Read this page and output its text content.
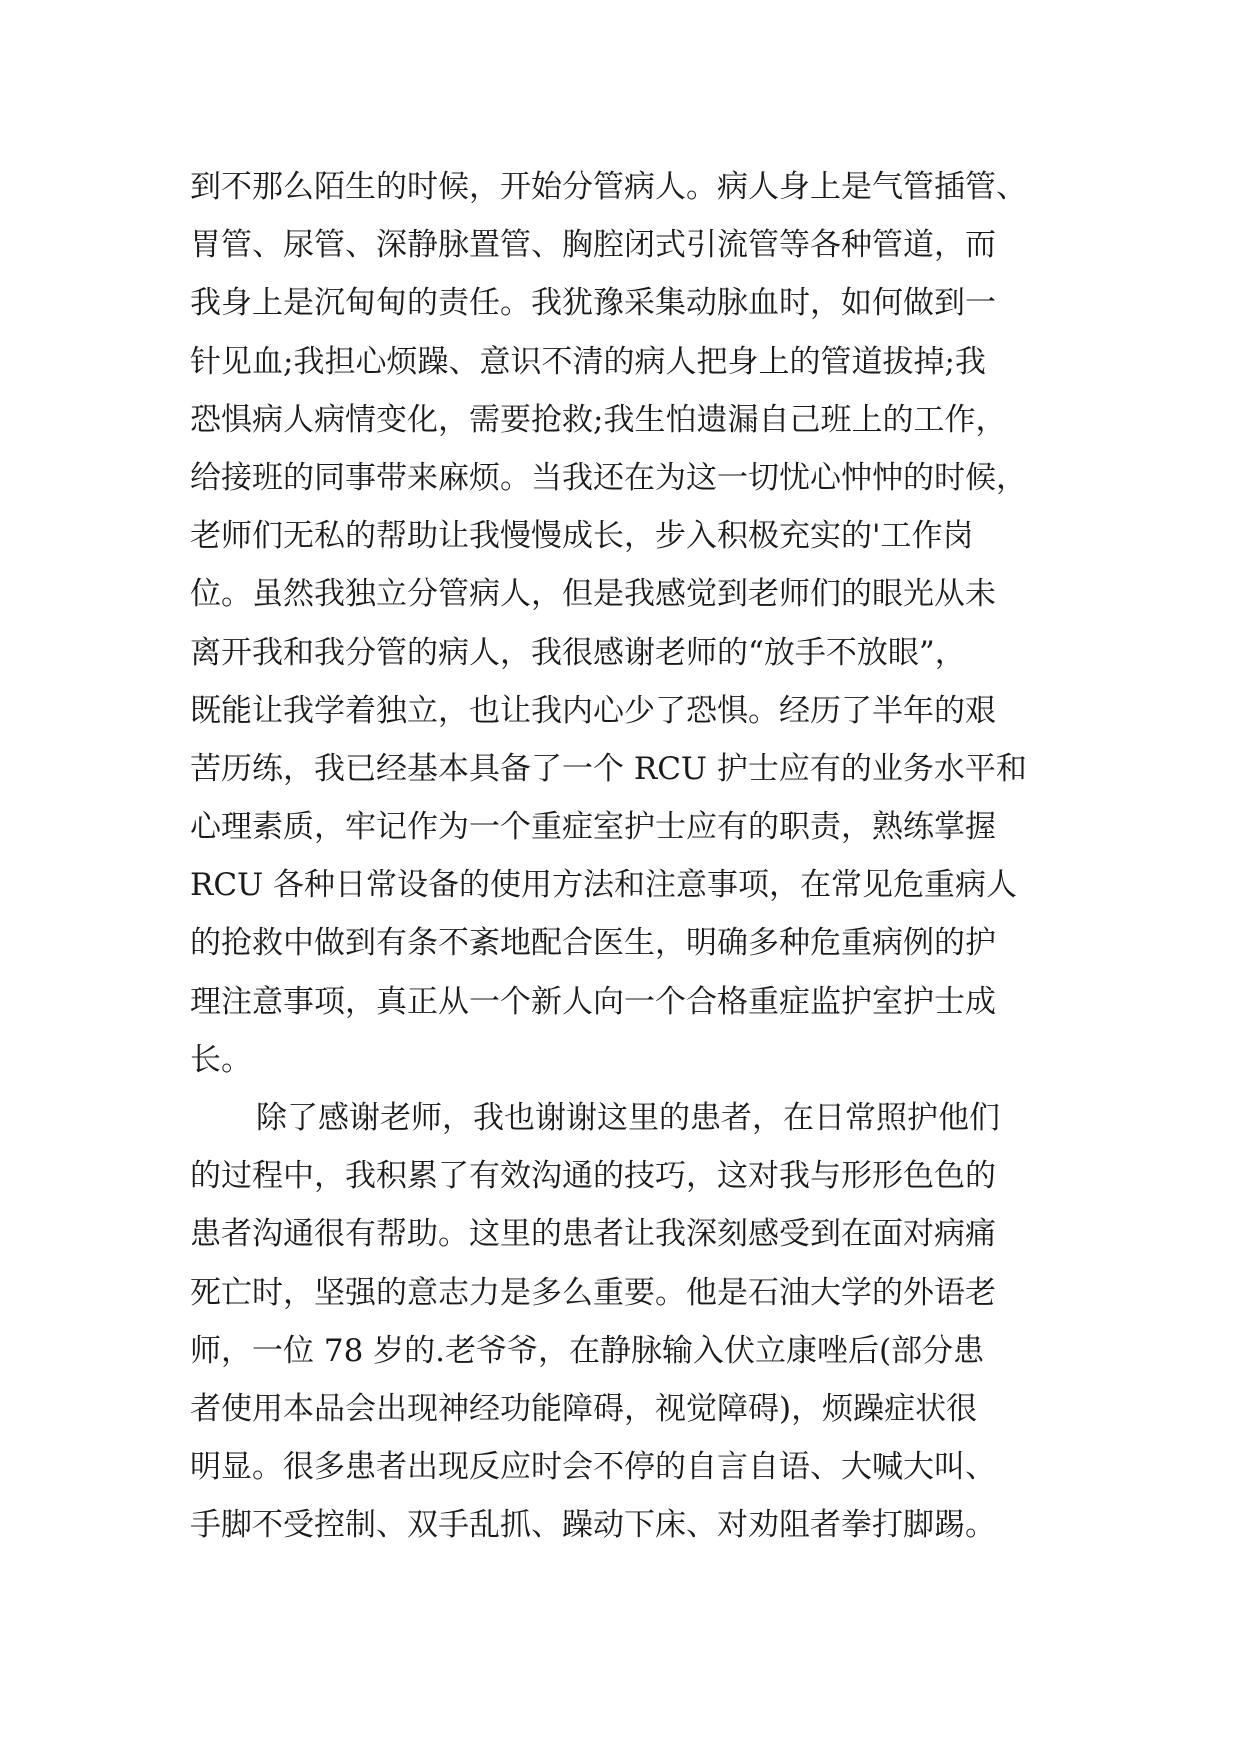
到不那么陌生的时候，开始分管病人。病人身上是气管插管、
胃管、尿管、深静脉置管、胸腔闭式引流管等各种管道，而
我身上是沉甸甸的责任。我犹豫采集动脉血时，如何做到一
针见血;我担心烦躁、意识不清的病人把身上的管道拔掉;我
恐惧病人病情变化，需要抢救;我生怕遗漏自己班上的工作，
给接班的同事带来麻烦。当我还在为这一切忧心忡忡的时候，
老师们无私的帮助让我慢慢成长，步入积极充实的'工作岗
位。虽然我独立分管病人，但是我感觉到老师们的眼光从未
离开我和我分管的病人，我很感谢老师的“放手不放眼”，
既能让我学着独立，也让我内心少了恐惧。经历了半年的艰
苦历练，我已经基本具备了一个 RCU 护士应有的业务水平和
心理素质，牢记作为一个重症室护士应有的职责，熟练掌握
RCU 各种日常设备的使用方法和注意事项，在常见危重病人
的抢救中做到有条不紊地配合医生，明确多种危重病例的护
理注意事项，真正从一个新人向一个合格重症监护室护士成
长。
除了感谢老师，我也谢谢这里的患者，在日常照护他们
的过程中，我积累了有效沟通的技巧，这对我与形形色色的
患者沟通很有帮助。这里的患者让我深刻感受到在面对病痛
死亡时，坚强的意志力是多么重要。他是石油大学的外语老
师，一位 78 岁的.老爷爷，在静脉输入伏立康唑后(部分患
者使用本品会出现神经功能障碍，视觉障碍)，烦躁症状很
明显。很多患者出现反应时会不停的自言自语、大喊大叫、
手脚不受控制、双手乱抓、躁动下床、对劝阻者拳打脚踢。
